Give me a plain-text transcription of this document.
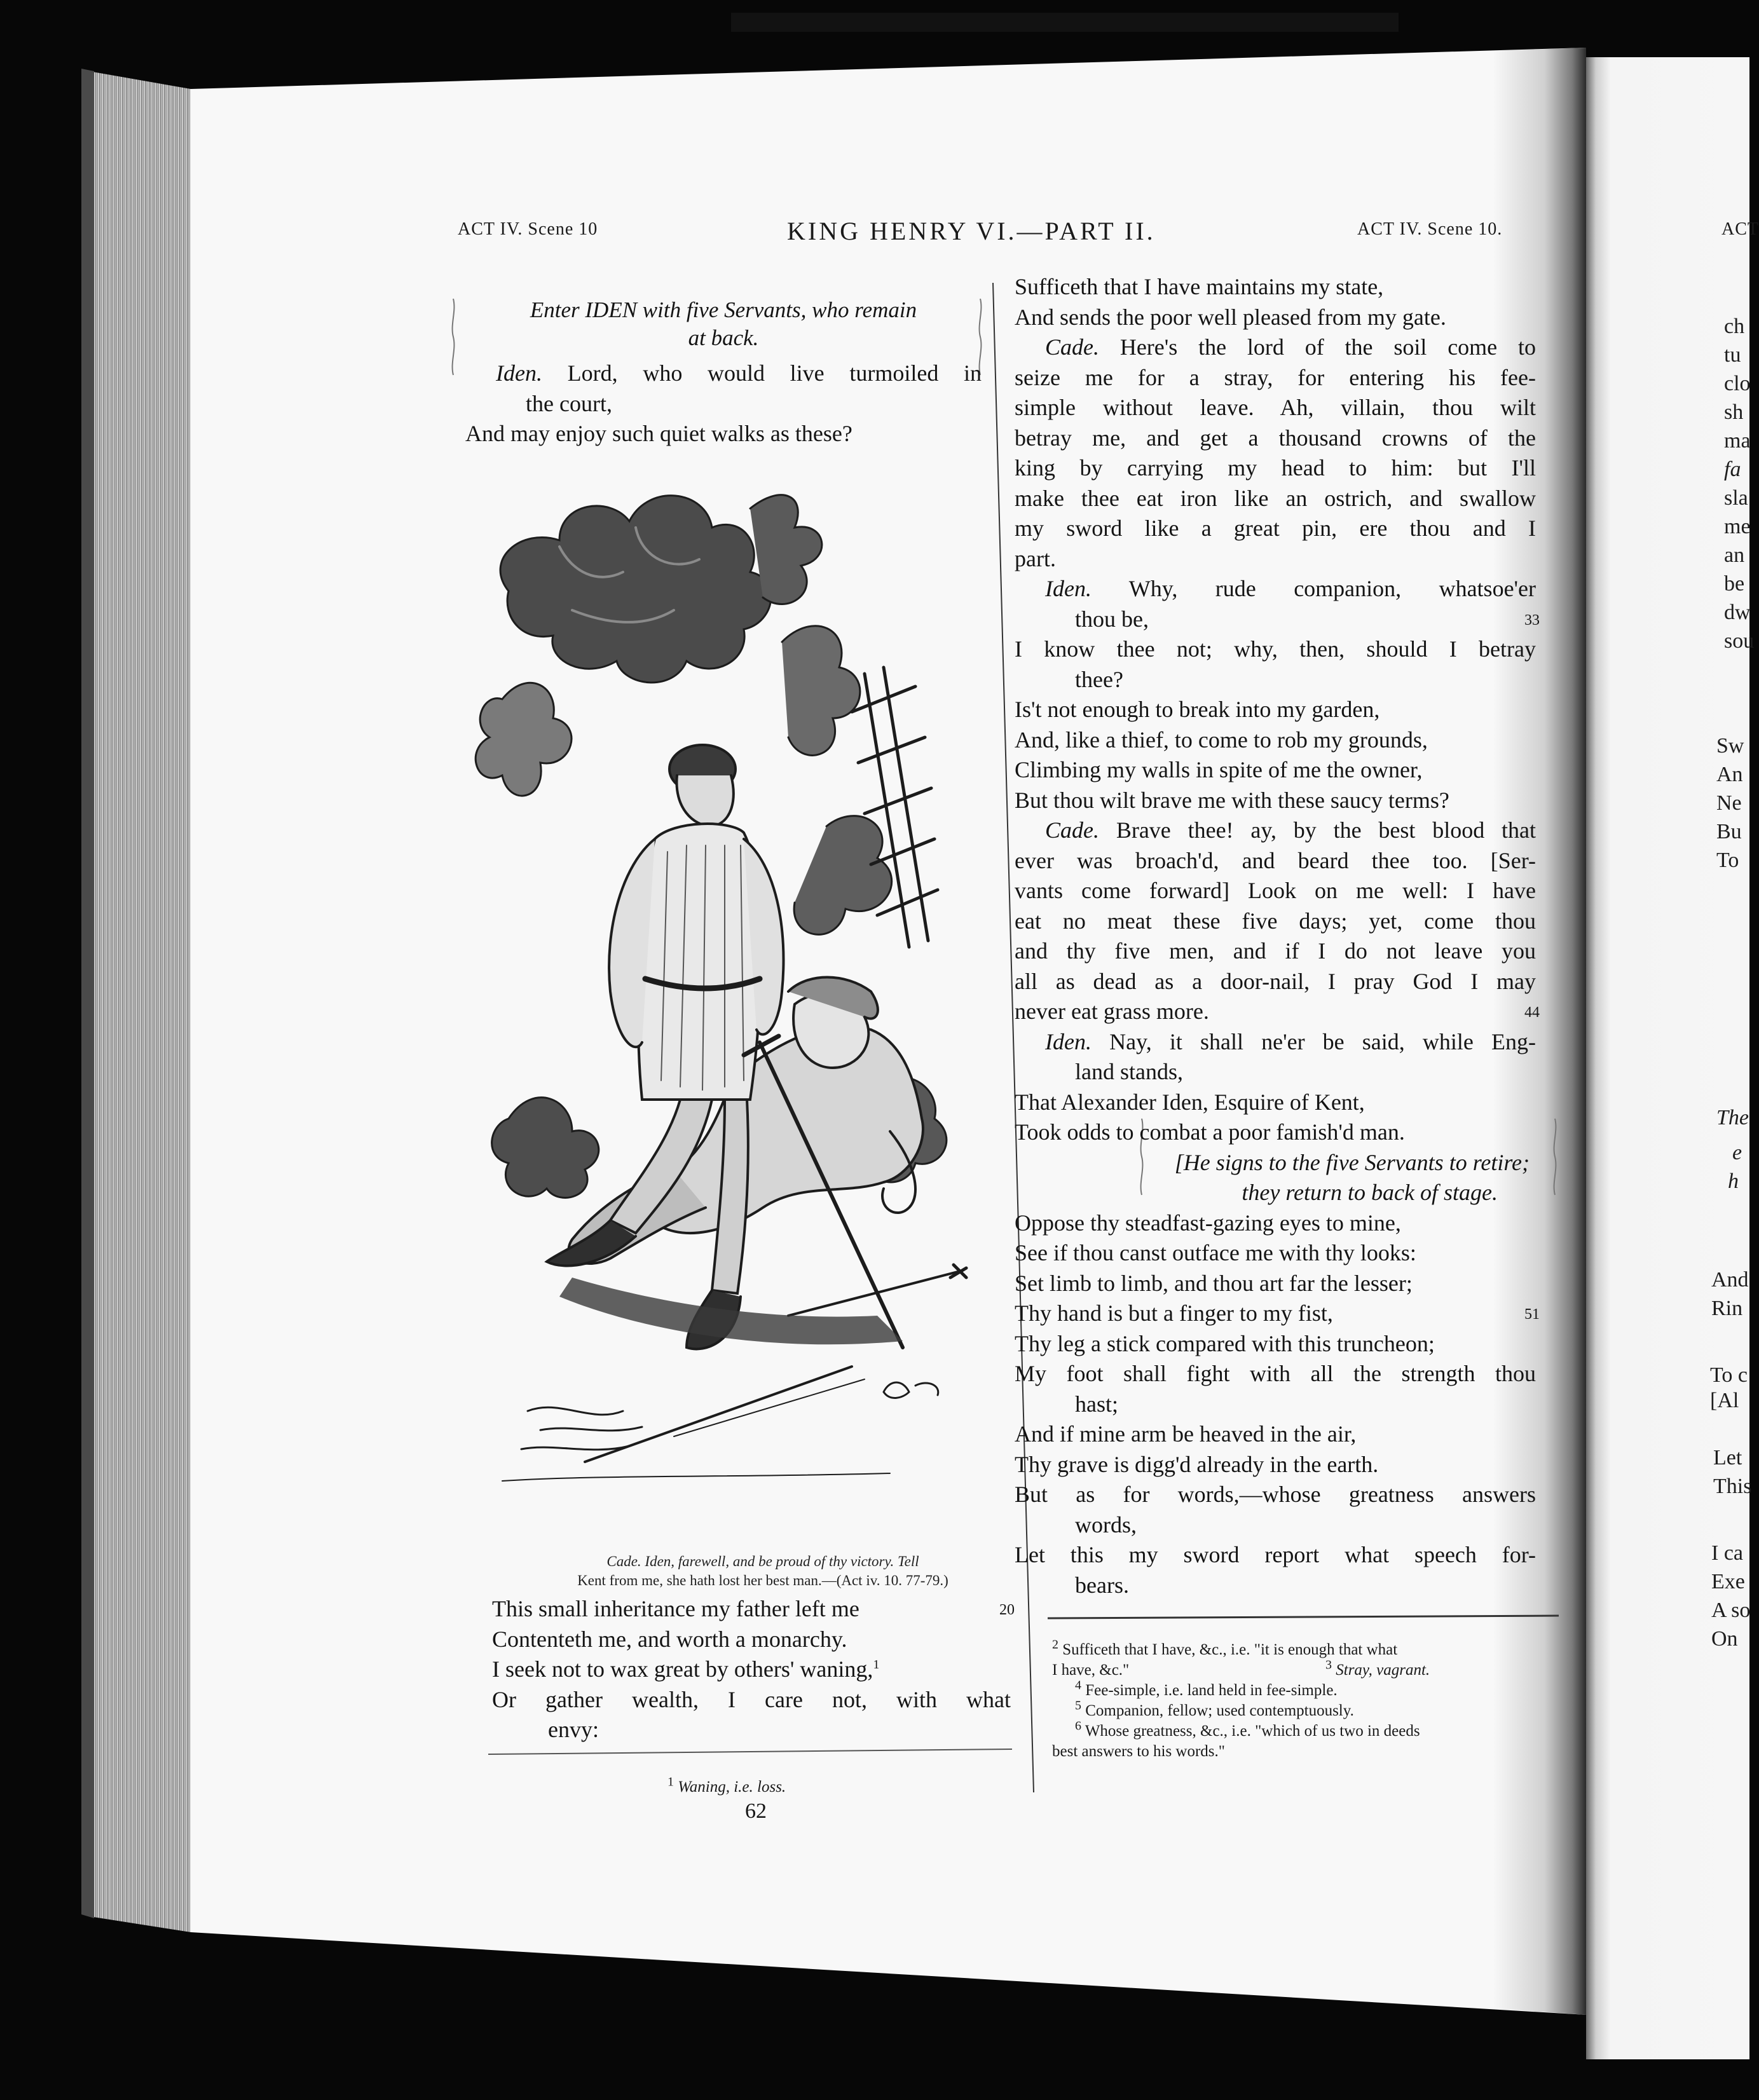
ACT IV. Scene 10	KING HENRY VI.—PART II.	ACT IV. Scene 10.	ACT
Enter IDEN with five Servants, who remain
at back.
Iden. Lord, who would live turmoiled in
the court,
And may enjoy such quiet walks as these?
Cade. Iden, farewell, and be proud of thy victory. Tell
Kent from me, she hath lost her best man.—(Act iv. 10. 77-79.)
This small inheritance my father left me	20
Contenteth me, and worth a monarchy.
I seek not to wax great by others' waning,$^1$
Or gather wealth, I care not, with what
envy:
$^1$ Waning, i.e. loss.
62
Sufficeth that I have maintains my state,
And sends the poor well pleased from my gate.
Cade. Here's the lord of the soil come to
seize me for a stray, for entering his fee-
simple without leave. Ah, villain, thou wilt
betray me, and get a thousand crowns of the
king by carrying my head to him: but I'll
make thee eat iron like an ostrich, and swallow
my sword like a great pin, ere thou and I
part.
Iden. Why, rude companion, whatsoe'er
thou be,	33
I know thee not; why, then, should I betray
thee?
Is't not enough to break into my garden,
And, like a thief, to come to rob my grounds,
Climbing my walls in spite of me the owner,
But thou wilt brave me with these saucy terms?
Cade. Brave thee! ay, by the best blood that
ever was broach'd, and beard thee too. [Ser-
vants come forward] Look on me well: I have
eat no meat these five days; yet, come thou
and thy five men, and if I do not leave you
all as dead as a door-nail, I pray God I may
never eat grass more.	44
Iden. Nay, it shall ne'er be said, while Eng-
land stands,
That Alexander Iden, Esquire of Kent,
Took odds to combat a poor famish'd man.
[He signs to the five Servants to retire;
they return to back of stage.
Oppose thy steadfast-gazing eyes to mine,
See if thou canst outface me with thy looks:
Set limb to limb, and thou art far the lesser;
Thy hand is but a finger to my fist,	51
Thy leg a stick compared with this truncheon;
My foot shall fight with all the strength thou
hast;
And if mine arm be heaved in the air,
Thy grave is digg'd already in the earth.
But as for words,—whose greatness answers
words,
Let this my sword report what speech for-
bears.
$^2$ Sufficeth that I have, &c., i.e. "it is enough that what
I have, &c."	$^3$ Stray, vagrant.
$^4$ Fee-simple, i.e. land held in fee-simple.
$^5$ Companion, fellow; used contemptuously.
$^6$ Whose greatness, &c., i.e. "which of us two in deeds
best answers to his words."
ch
tu
clo
sh
ma
fa
sla
me
an
be
dw
sou
Sw
An
Ne
Bu
To
The
e
h
And
Rin
To c
[Al
Let
This
I ca
Exe
A so
On
